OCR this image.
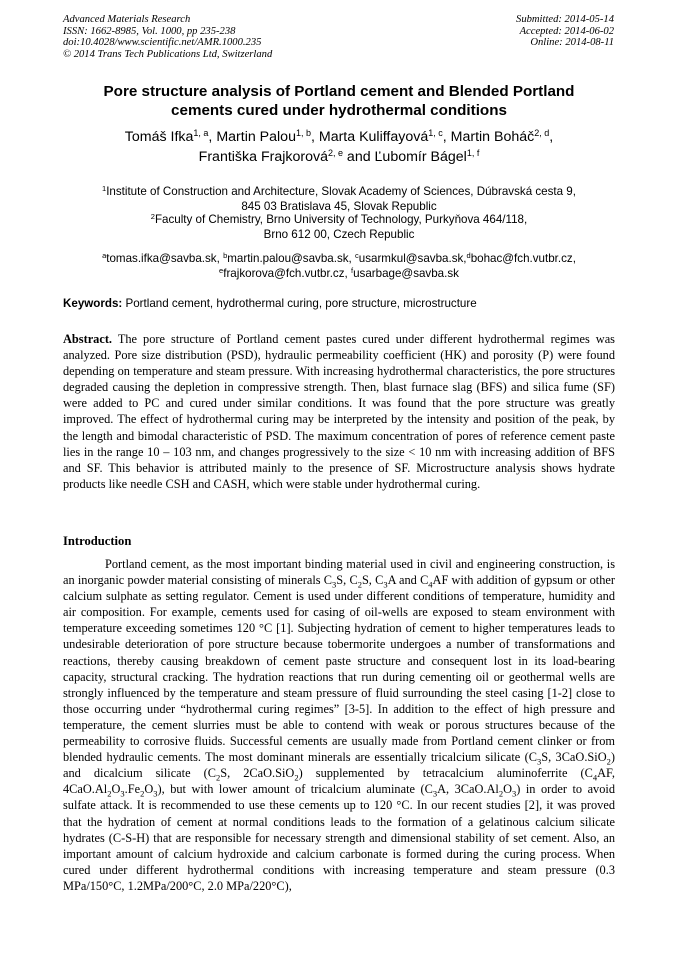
Advanced Materials Research
ISSN: 1662-8985, Vol. 1000, pp 235-238
doi:10.4028/www.scientific.net/AMR.1000.235
© 2014 Trans Tech Publications Ltd, Switzerland
Submitted: 2014-05-14
Accepted: 2014-06-02
Online: 2014-08-11
Pore structure analysis of Portland cement and Blended Portland
cements cured under hydrothermal conditions
Tomáš Ifka$^{1, a}$, Martin Palou$^{1, b}$, Marta Kuliffayová$^{1, c}$, Martin Boháč$^{2, d}$,
Františka Frajkorová$^{2, e}$ and Ľubomír Bágel$^{1, f}$
$^1$Institute of Construction and Architecture, Slovak Academy of Sciences, Dúbravská cesta 9,
845 03 Bratislava 45, Slovak Republic
$^2$Faculty of Chemistry, Brno University of Technology, Purkyňova 464/118,
Brno 612 00, Czech Republic
$^a$tomas.ifka@savba.sk, $^b$martin.palou@savba.sk, $^c$usarmkul@savba.sk,$^d$bohac@fch.vutbr.cz,
$^e$frajkorova@fch.vutbr.cz, $^f$usarbage@savba.sk
Keywords: Portland cement, hydrothermal curing, pore structure, microstructure
Abstract. The pore structure of Portland cement pastes cured under different hydrothermal regimes was analyzed. Pore size distribution (PSD), hydraulic permeability coefficient (HK) and porosity (P) were found depending on temperature and steam pressure. With increasing hydrothermal characteristics, the pore structures degraded causing the depletion in compressive strength. Then, blast furnace slag (BFS) and silica fume (SF) were added to PC and cured under similar conditions. It was found that the pore structure was greatly improved. The effect of hydrothermal curing may be interpreted by the intensity and position of the peak, by the length and bimodal characteristic of PSD. The maximum concentration of pores of reference cement paste lies in the range 10 – 103 nm, and changes progressively to the size < 10 nm with increasing addition of BFS and SF. This behavior is attributed mainly to the presence of SF. Microstructure analysis shows hydrate products like needle CSH and CASH, which were stable under hydrothermal curing.
Introduction
Portland cement, as the most important binding material used in civil and engineering construction, is an inorganic powder material consisting of minerals $C_3S$, $C_2S$, $C_3A$ and $C_4AF$ with addition of gypsum or other calcium sulphate as setting regulator. Cement is used under different conditions of temperature, humidity and air composition. For example, cements used for casing of oil-wells are exposed to steam environment with temperature exceeding sometimes 120 °C [1]. Subjecting hydration of cement to higher temperatures leads to undesirable deterioration of pore structure because tobermorite undergoes a number of transformations and reactions, thereby causing breakdown of cement paste structure and consequent lost in its load-bearing capacity, structural cracking. The hydration reactions that run during cementing oil or geothermal wells are strongly influenced by the temperature and steam pressure of fluid surrounding the steel casing [1-2] close to those occurring under “hydrothermal curing regimes” [3-5]. In addition to the effect of high pressure and temperature, the cement slurries must be able to contend with weak or porous structures because of the permeability to corrosive fluids. Successful cements are usually made from Portland cement clinker or from blended hydraulic cements. The most dominant minerals are essentially tricalcium silicate ($C_3S$, 3CaO.SiO$_2$) and dicalcium silicate ($C_2S$, 2CaO.SiO$_2$) supplemented by tetracalcium aluminoferrite ($C_4AF$, $4CaO.Al_2O_3.Fe_2O_3$), but with lower amount of tricalcium aluminate ($C_3A$, $3CaO.Al_2O_3$) in order to avoid sulfate attack. It is recommended to use these cements up to 120 °C. In our recent studies [2], it was proved that the hydration of cement at normal conditions leads to the formation of a gelatinous calcium silicate hydrates (C-S-H) that are responsible for necessary strength and dimensional stability of set cement. Also, an important amount of calcium hydroxide and calcium carbonate is formed during the curing process. When cured under different hydrothermal conditions with increasing temperature and steam pressure (0.3 MPa/150°C, 1.2MPa/200°C, 2.0 MPa/220°C),
